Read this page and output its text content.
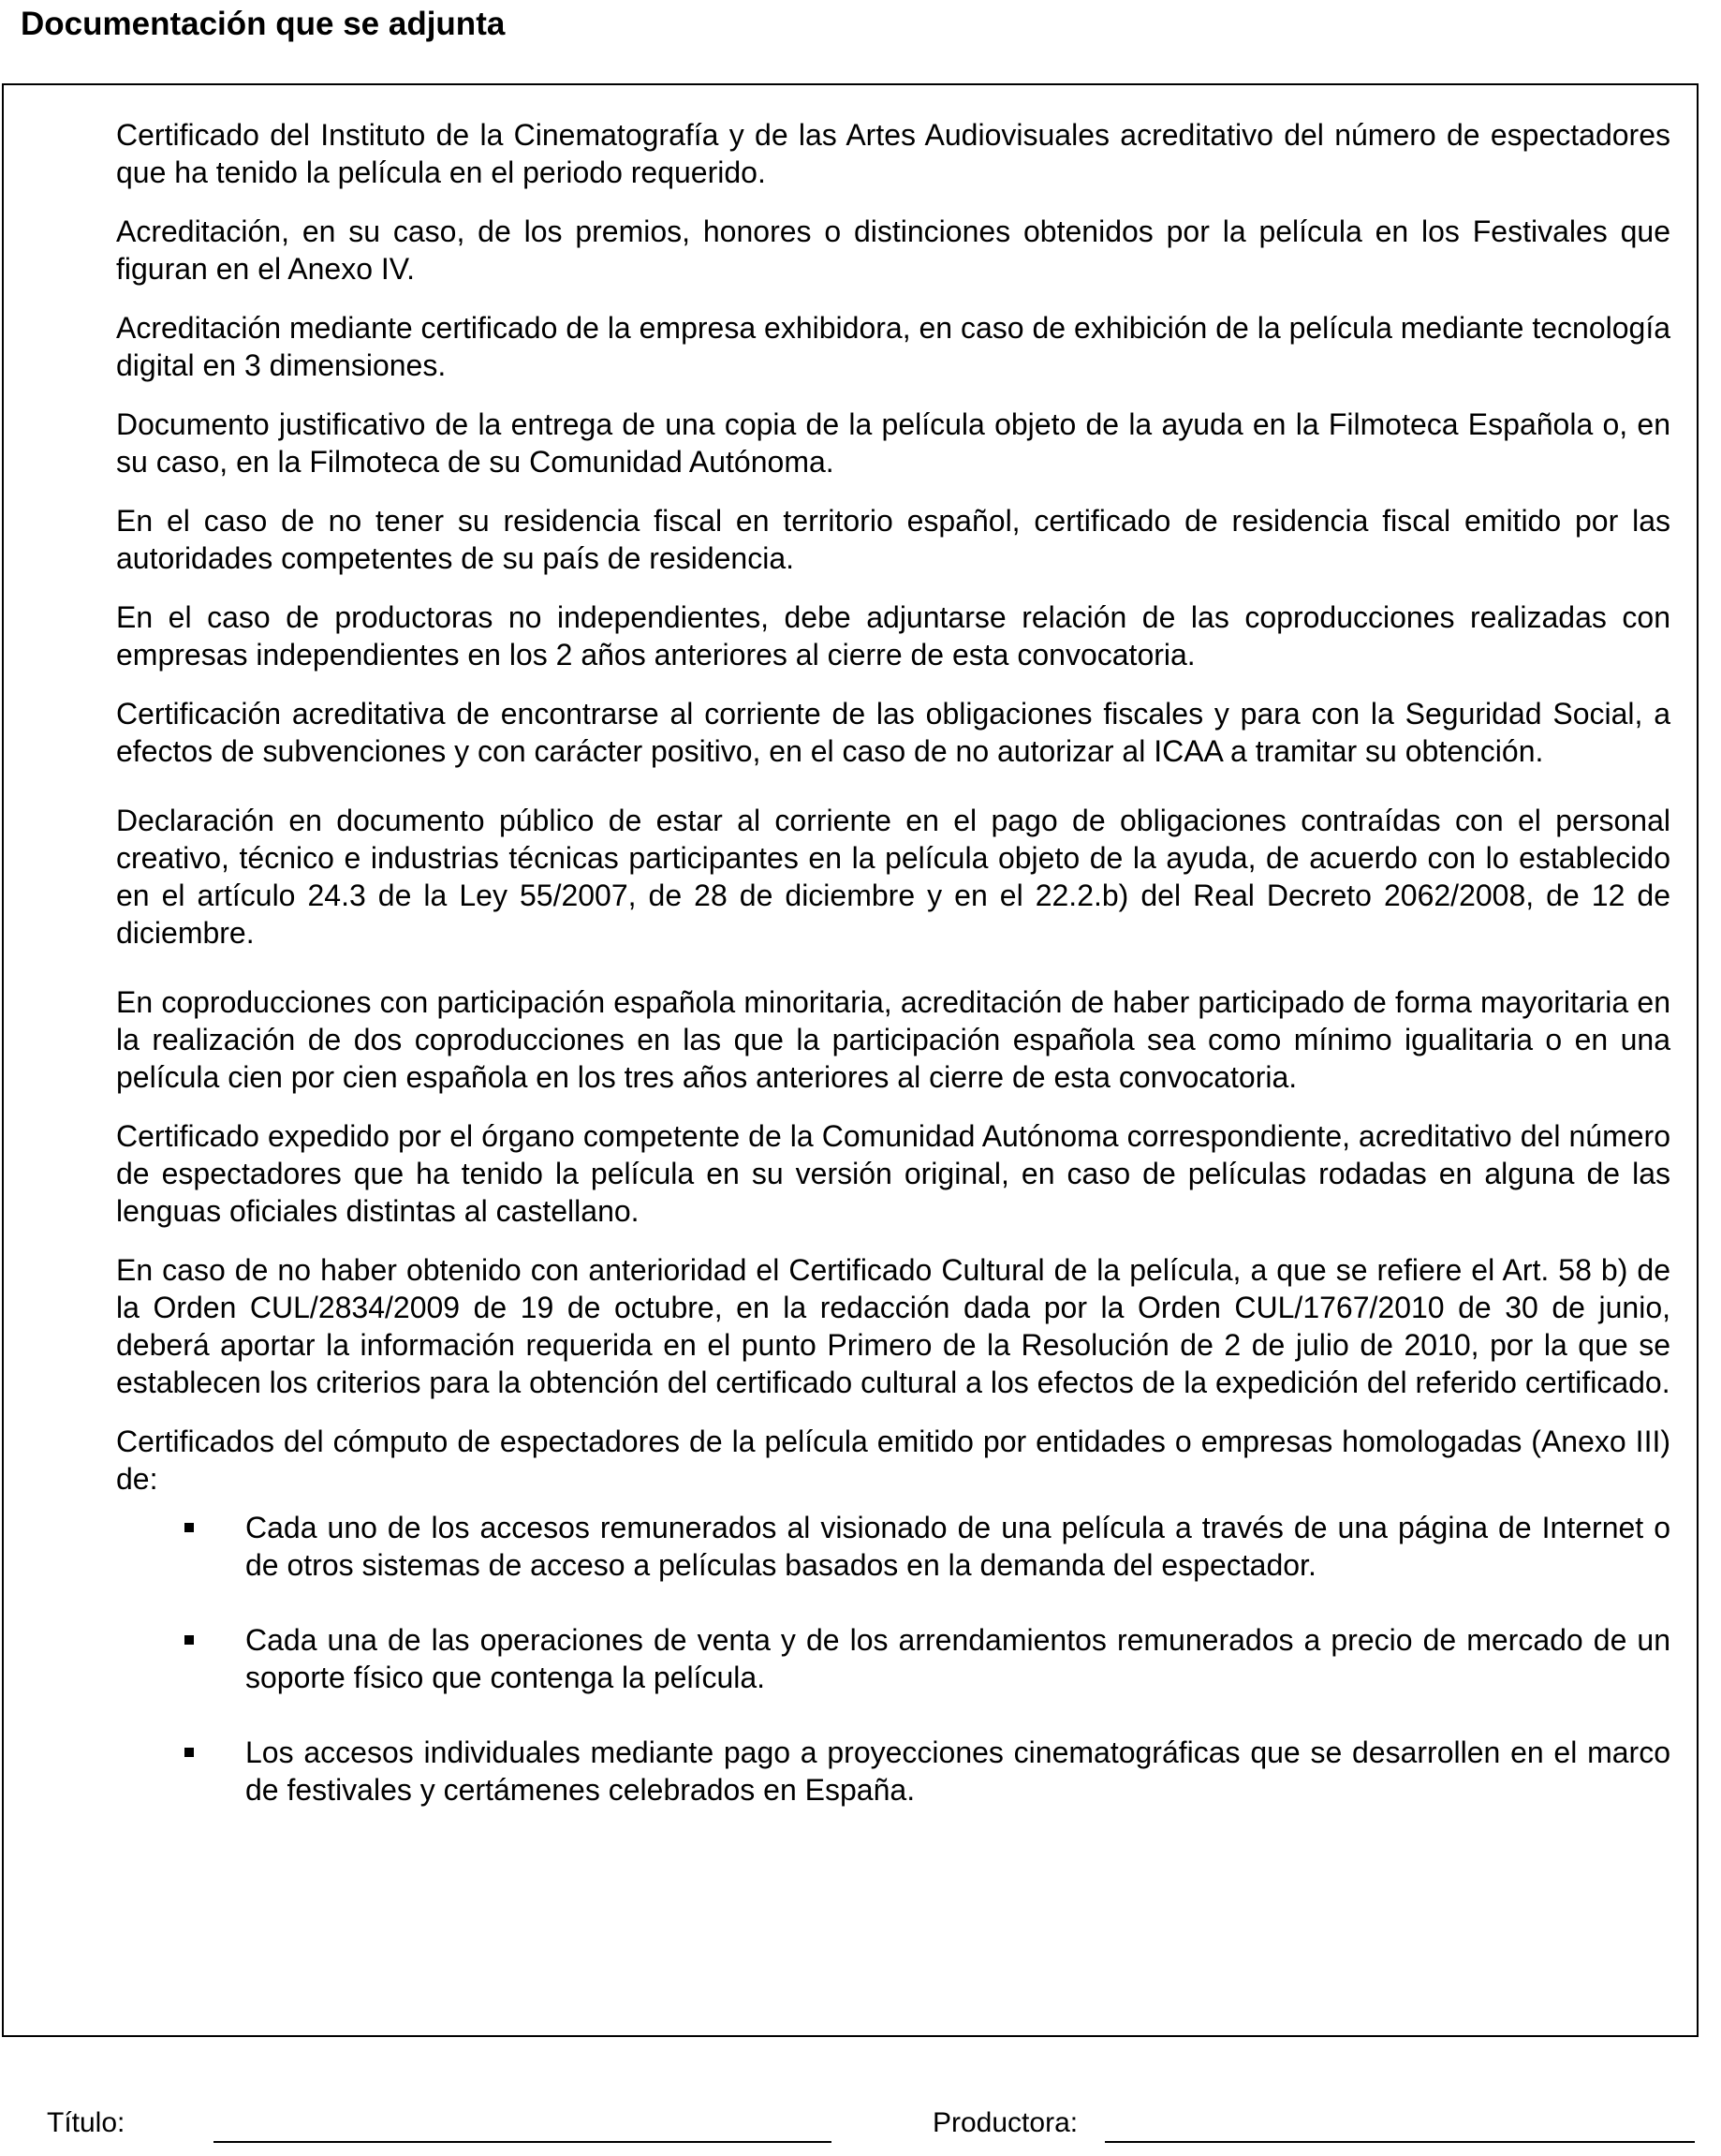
Documentación que se adjunta
Certificado del Instituto de la Cinematografía y de las Artes Audiovisuales acreditativo del número de espectadores que ha tenido la película en el periodo requerido.
Acreditación, en su caso, de los premios, honores o distinciones obtenidos por la película en los Festivales que figuran en el Anexo IV.
Acreditación mediante certificado de la empresa exhibidora, en caso de exhibición de la película mediante tecnología digital en 3 dimensiones.
Documento justificativo de la entrega de una copia de la película objeto de la ayuda en la Filmoteca Española o, en su caso, en la Filmoteca de su Comunidad Autónoma.
En el caso de no tener su residencia fiscal en territorio español, certificado de residencia fiscal emitido por las autoridades competentes de su país de residencia.
En el caso de productoras no independientes, debe adjuntarse relación de las coproducciones realizadas con empresas independientes en los 2 años anteriores al cierre de esta convocatoria.
Certificación acreditativa de encontrarse al corriente de las obligaciones fiscales y para con la Seguridad Social, a efectos de subvenciones y con carácter positivo, en el caso de no autorizar al ICAA a tramitar su obtención.
Declaración en documento público de estar al corriente en el pago de obligaciones contraídas con el personal creativo, técnico e industrias técnicas participantes en la película objeto de la ayuda, de acuerdo con lo establecido en el artículo 24.3 de la Ley 55/2007, de 28 de diciembre y en el 22.2.b) del Real Decreto 2062/2008, de 12 de diciembre.
En coproducciones con participación española minoritaria, acreditación de haber participado de forma mayoritaria en la realización de dos coproducciones en las que la participación española sea como mínimo igualitaria o en una película cien por cien española en los tres años anteriores al cierre de esta convocatoria.
Certificado expedido por el órgano competente de la Comunidad Autónoma correspondiente, acreditativo del número de espectadores que ha tenido la película en su versión original, en caso de películas rodadas en alguna de las lenguas oficiales distintas al castellano.
En caso de no haber obtenido con anterioridad el Certificado Cultural de la película, a que se refiere el Art. 58 b) de la Orden CUL/2834/2009 de 19 de octubre, en la redacción dada por la Orden CUL/1767/2010 de 30 de junio, deberá aportar la información requerida en el punto Primero de la Resolución de 2 de julio de 2010, por la que se establecen los criterios para la obtención del certificado cultural a los efectos de la expedición del referido certificado.
Certificados del cómputo de espectadores de la película emitido por entidades o empresas homologadas (Anexo III) de:
Cada uno de los accesos remunerados al visionado de una película a través de una página de Internet o de otros sistemas de acceso a películas basados en la demanda del espectador.
Cada una de las operaciones de venta y de los arrendamientos remunerados a precio de mercado de un soporte físico que contenga la película.
Los accesos individuales mediante pago a proyecciones cinematográficas que se desarrollen en el marco de festivales y certámenes celebrados en España.
Título:	Productora:
